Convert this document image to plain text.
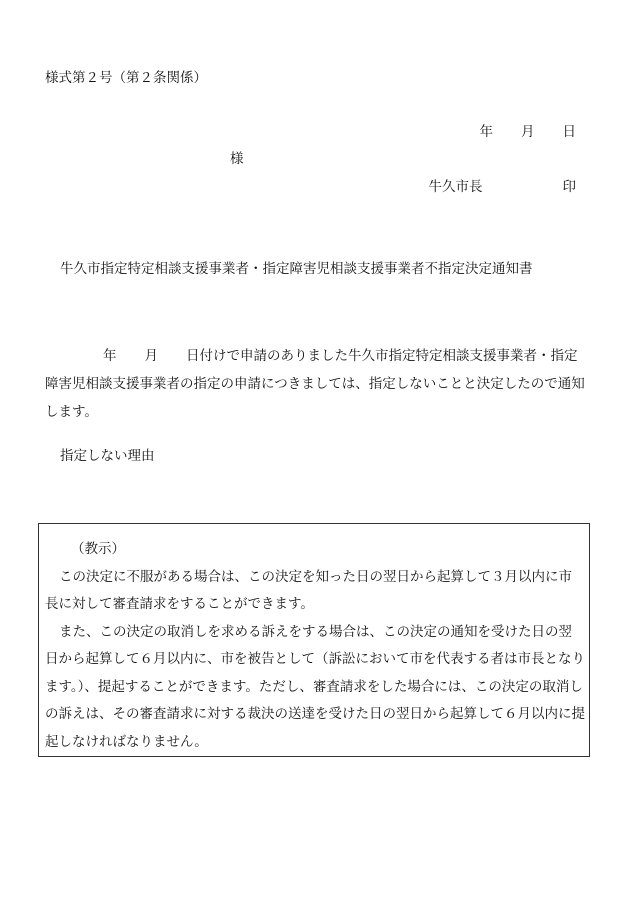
様式第２号（第２条関係）
年 月 日
様
牛久市長	印
牛久市指定特定相談支援事業者・指定障害児相談支援事業者不指定決定通知書
年 月 日付けで申請のありました牛久市指定特定相談支援事業者・指定障害児相談支援事業者の指定の申請につきましては、指定しないことと決定したので通知します。
指定しない理由

（教示）

この決定に不服がある場合は、この決定を知った日の翌日から起算して３月以内に市長に対して審査請求をすることができます。

また、この決定の取消しを求める訴えをする場合は、この決定の通知を受けた日の翌日から起算して６月以内に、市を被告として（訴訟において市を代表する者は市長となります。）、提起することができます。ただし、審査請求をした場合には、この決定の取消しの訴えは、その審査請求に対する裁決の送達を受けた日の翌日から起算して６月以内に提起しなければなりません。
